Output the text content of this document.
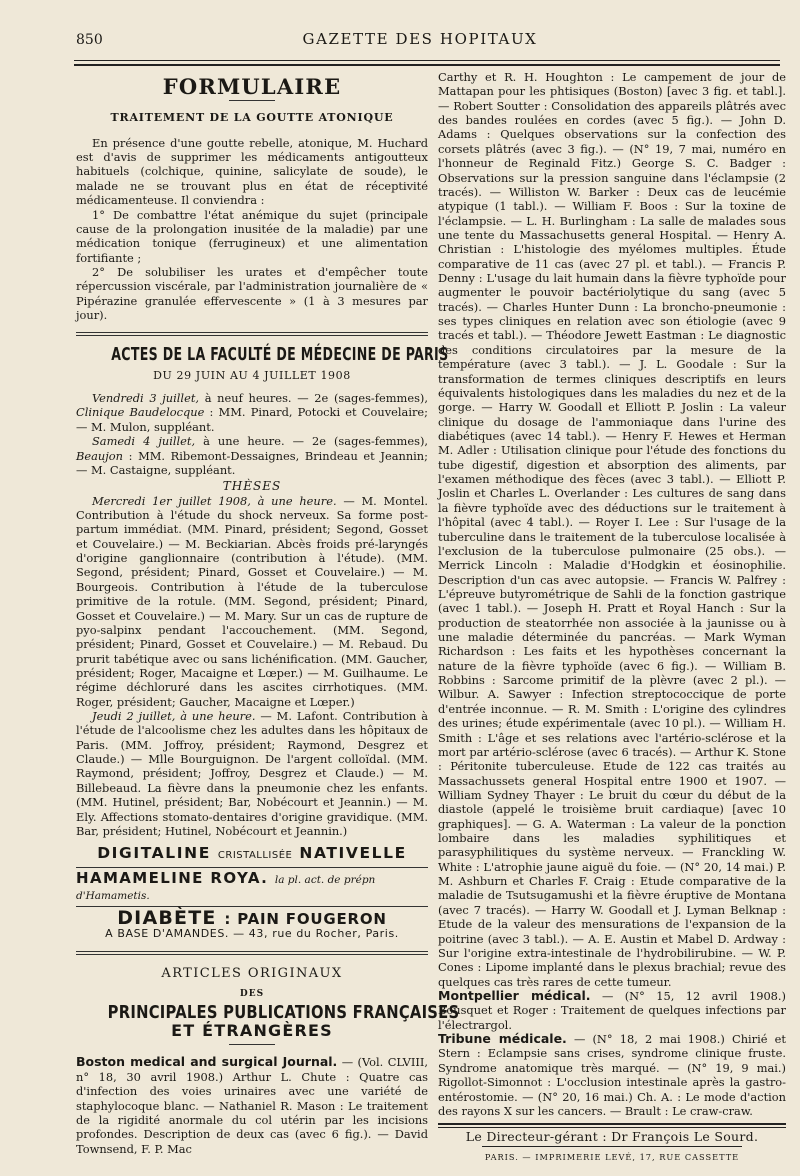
850	GAZETTE DES HOPITAUX
FORMULAIRE
TRAITEMENT DE LA GOUTTE ATONIQUE

En présence d'une goutte rebelle, atonique, M. Huchard est d'avis de supprimer les médicaments antigoutteux habituels (colchique, quinine, salicylate de soude), le malade ne se trouvant plus en état de réceptivité médicamenteuse. Il conviendra :

1° De combattre l'état anémique du sujet (principale cause de la prolongation inusitée de la maladie) par une médication tonique (ferrugineux) et une alimentation fortifiante ;

2° De solubiliser les urates et d'empêcher toute répercussion viscérale, par l'administration journalière de « Pipérazine granulée effervescente » (1 à 3 mesures par jour).

ACTES DE LA FACULTÉ DE MÉDECINE DE PARIS
DU 29 JUIN AU 4 JUILLET 1908

Vendredi 3 juillet, à neuf heures. — 2e (sages-femmes), Clinique Baudelocque : MM. Pinard, Potocki et Couvelaire; — M. Mulon, suppléant.

Samedi 4 juillet, à une heure. — 2e (sages-femmes), Beaujon : MM. Ribemont-Dessaignes, Brindeau et Jeannin; — M. Castaigne, suppléant.

THÈSES

Mercredi 1er juillet 1908, à une heure. — M. Montel. Contribution à l'étude du shock nerveux. Sa forme post-partum immédiat. (MM. Pinard, président; Segond, Gosset et Couvelaire.) — M. Beckiarian. Abcès froids pré-laryngés d'origine ganglionnaire (contribution à l'étude). (MM. Segond, président; Pinard, Gosset et Couvelaire.) — M. Bourgeois. Contribution à l'étude de la tuberculose primitive de la rotule. (MM. Segond, président; Pinard, Gosset et Couvelaire.) — M. Mary. Sur un cas de rupture de pyo-salpinx pendant l'accouchement. (MM. Segond, président; Pinard, Gosset et Couvelaire.) — M. Rebaud. Du prurit tabétique avec ou sans lichénification. (MM. Gaucher, président; Roger, Macaigne et Lœper.) — M. Guilhaume. Le régime déchloruré dans les ascites cirrhotiques. (MM. Roger, président; Gaucher, Macaigne et Lœper.)

Jeudi 2 juillet, à une heure. — M. Lafont. Contribution à l'étude de l'alcoolisme chez les adultes dans les hôpitaux de Paris. (MM. Joffroy, président; Raymond, Desgrez et Claude.) — Mlle Bourguignon. De l'argent colloïdal. (MM. Raymond, président; Joffroy, Desgrez et Claude.) — M. Billebeaud. La fièvre dans la pneumonie chez les enfants. (MM. Hutinel, président; Bar, Nobécourt et Jeannin.) — M. Ely. Affections stomato-dentaires d'origine gravidique. (MM. Bar, président; Hutinel, Nobécourt et Jeannin.)

DIGITALINE CRISTALLISÉE NATIVELLE
HAMAMELINE ROYA. la pl. act. de prépn d'Hamametis.
DIABÈTE : PAIN FOUGERON
A BASE D'AMANDES. — 43, rue du Rocher, Paris.
ARTICLES ORIGINAUX
DES
PRINCIPALES PUBLICATIONS FRANÇAISES
ET ÉTRANGÈRES

Boston medical and surgical Journal. — (Vol. CLVIII, n° 18, 30 avril 1908.) Arthur L. Chute : Quatre cas d'infection des voies urinaires avec une variété de staphylocoque blanc. — Nathaniel R. Mason : Le traitement de la rigidité anormale du col utérin par les incisions profondes. Description de deux cas (avec 6 fig.). — David Townsend, F. P. Mac

Carthy et R. H. Houghton : Le campement de jour de Mattapan pour les phtisiques (Boston) [avec 3 fig. et tabl.]. — Robert Soutter : Consolidation des appareils plâtrés avec des bandes roulées en cordes (avec 5 fig.). — John D. Adams : Quelques observations sur la confection des corsets plâtrés (avec 3 fig.). — (N° 19, 7 mai, numéro en l'honneur de Reginald Fitz.) George S. C. Badger : Observations sur la pression sanguine dans l'éclampsie (2 tracés). — Williston W. Barker : Deux cas de leucémie atypique (1 tabl.). — William F. Boos : Sur la toxine de l'éclampsie. — L. H. Burlingham : La salle de malades sous une tente du Massachusetts general Hospital. — Henry A. Christian : L'histologie des myélomes multiples. Étude comparative de 11 cas (avec 27 pl. et tabl.). — Francis P. Denny : L'usage du lait humain dans la fièvre typhoïde pour augmenter le pouvoir bactériolytique du sang (avec 5 tracés). — Charles Hunter Dunn : La broncho-pneumonie : ses types cliniques en relation avec son étiologie (avec 9 tracés et tabl.). — Théodore Jewett Eastman : Le diagnostic des conditions circulatoires par la mesure de la température (avec 3 tabl.). — J. L. Goodale : Sur la transformation de termes cliniques descriptifs en leurs équivalents histologiques dans les maladies du nez et de la gorge. — Harry W. Goodall et Elliott P. Joslin : La valeur clinique du dosage de l'ammoniaque dans l'urine des diabétiques (avec 14 tabl.). — Henry F. Hewes et Herman M. Adler : Utilisation clinique pour l'étude des fonctions du tube digestif, digestion et absorption des aliments, par l'examen méthodique des fèces (avec 3 tabl.). — Elliott P. Joslin et Charles L. Overlander : Les cultures de sang dans la fièvre typhoïde avec des déductions sur le traitement à l'hôpital (avec 4 tabl.). — Royer I. Lee : Sur l'usage de la tuberculine dans le traitement de la tuberculose localisée à l'exclusion de la tuberculose pulmonaire (25 obs.). — Merrick Lincoln : Maladie d'Hodgkin et éosinophilie. Description d'un cas avec autopsie. — Francis W. Palfrey : L'épreuve butyrométrique de Sahli de la fonction gastrique (avec 1 tabl.). — Joseph H. Pratt et Royal Hanch : Sur la production de steatorrhée non associée à la jaunisse ou à une maladie déterminée du pancréas. — Mark Wyman Richardson : Les faits et les hypothèses concernant la nature de la fièvre typhoïde (avec 6 fig.). — William B. Robbins : Sarcome primitif de la plèvre (avec 2 pl.). — Wilbur. A. Sawyer : Infection streptococcique de porte d'entrée inconnue. — R. M. Smith : L'origine des cylindres des urines; étude expérimentale (avec 10 pl.). — William H. Smith : L'âge et ses relations avec l'artério-sclérose et la mort par artério-sclérose (avec 6 tracés). — Arthur K. Stone : Péritonite tuberculeuse. Etude de 122 cas traités au Massachussets general Hospital entre 1900 et 1907. — William Sydney Thayer : Le bruit du cœur du début de la diastole (appelé le troisième bruit cardiaque) [avec 10 graphiques]. — G. A. Waterman : La valeur de la ponction lombaire dans les maladies syphilitiques et parasyphilitiques du système nerveux. — Franckling W. White : L'atrophie jaune aiguë du foie. — (N° 20, 14 mai.) P. M. Ashburn et Charles F. Craig : Etude comparative de la maladie de Tsutsugamushi et la fièvre éruptive de Montana (avec 7 tracés). — Harry W. Goodall et J. Lyman Belknap : Etude de la valeur des mensurations de l'expansion de la poitrine (avec 3 tabl.). — A. E. Austin et Mabel D. Ardway : Sur l'origine extra-intestinale de l'hydrobilirubine. — W. P. Cones : Lipome implanté dans le plexus brachial; revue des quelques cas très rares de cette tumeur.

Montpellier médical. — (N° 15, 12 avril 1908.) Bousquet et Roger : Traitement de quelques infections par l'électrargol.

Tribune médicale. — (N° 18, 2 mai 1908.) Chirié et Stern : Eclampsie sans crises, syndrome clinique fruste. Syndrome anatomique très marqué. — (N° 19, 9 mai.) Rigollot-Simonnot : L'occlusion intestinale après la gastro-entérostomie. — (N° 20, 16 mai.) Ch. A. : Le mode d'action des rayons X sur les cancers. — Brault : Le craw-craw.

Le Directeur-gérant : Dr François Le Sourd.
PARIS. — IMPRIMERIE LEVÉ, 17, RUE CASSETTE
